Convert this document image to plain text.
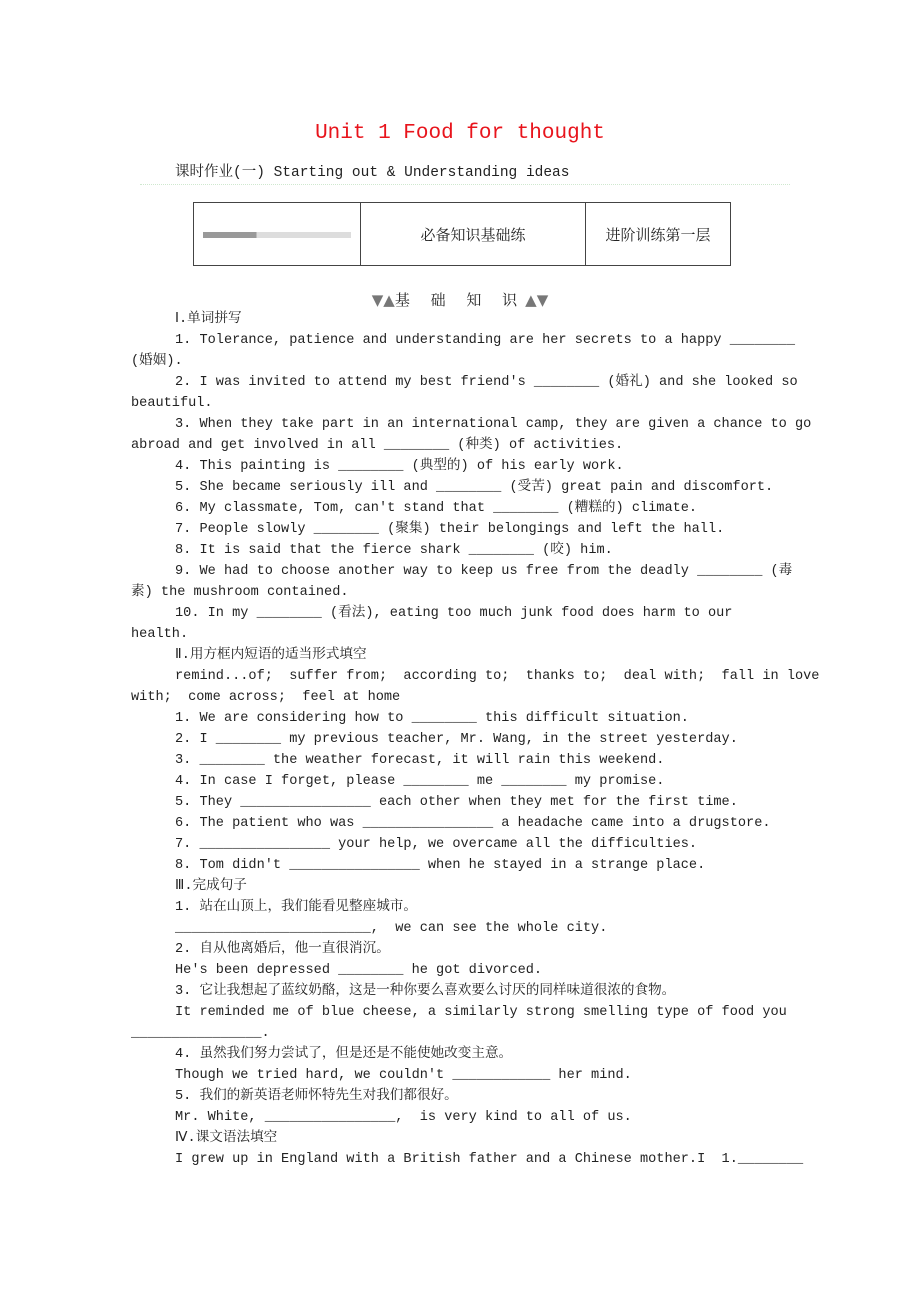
Unit 1 Food for thought
课时作业(一) Starting out & Understanding ideas
	必备知识基础练	进阶训练第一层
▼▲基 础 知 识▲▼
Ⅰ.单词拼写
1. Tolerance, patience and understanding are her secrets to a happy ________
(婚姻).
2. I was invited to attend my best friend's ________ (婚礼) and she looked so
beautiful.
3. When they take part in an international camp, they are given a chance to go
abroad and get involved in all ________ (种类) of activities.
4. This painting is ________ (典型的) of his early work.
5. She became seriously ill and ________ (受苦) great pain and discomfort.
6. My classmate, Tom, can't stand that ________ (糟糕的) climate.
7. People slowly ________ (聚集) their belongings and left the hall.
8. It is said that the fierce shark ________ (咬) him.
9. We had to choose another way to keep us free from the deadly ________ (毒
素) the mushroom contained.
10. In my ________ (看法), eating too much junk food does harm to our
health.
Ⅱ.用方框内短语的适当形式填空
remind...of;  suffer from;  according to;  thanks to;  deal with;  fall in love
with;  come across;  feel at home
1. We are considering how to ________ this difficult situation.
2. I ________ my previous teacher, Mr. Wang, in the street yesterday.
3. ________ the weather forecast, it will rain this weekend.
4. In case I forget, please ________ me ________ my promise.
5. They ________________ each other when they met for the first time.
6. The patient who was ________________ a headache came into a drugstore.
7. ________________ your help, we overcame all the difficulties.
8. Tom didn't ________________ when he stayed in a strange place.
Ⅲ.完成句子
1. 站在山顶上，我们能看见整座城市。
________________________,  we can see the whole city.
2. 自从他离婚后，他一直很消沉。
He's been depressed ________ he got divorced.
3. 它让我想起了蓝纹奶酪，这是一种你要么喜欢要么讨厌的同样味道很浓的食物。
It reminded me of blue cheese, a similarly strong smelling type of food you
________________.
4. 虽然我们努力尝试了，但是还是不能使她改变主意。
Though we tried hard, we couldn't ____________ her mind.
5. 我们的新英语老师怀特先生对我们都很好。
Mr. White, ________________,  is very kind to all of us.
Ⅳ.课文语法填空
I grew up in England with a British father and a Chinese mother.I  1.________
